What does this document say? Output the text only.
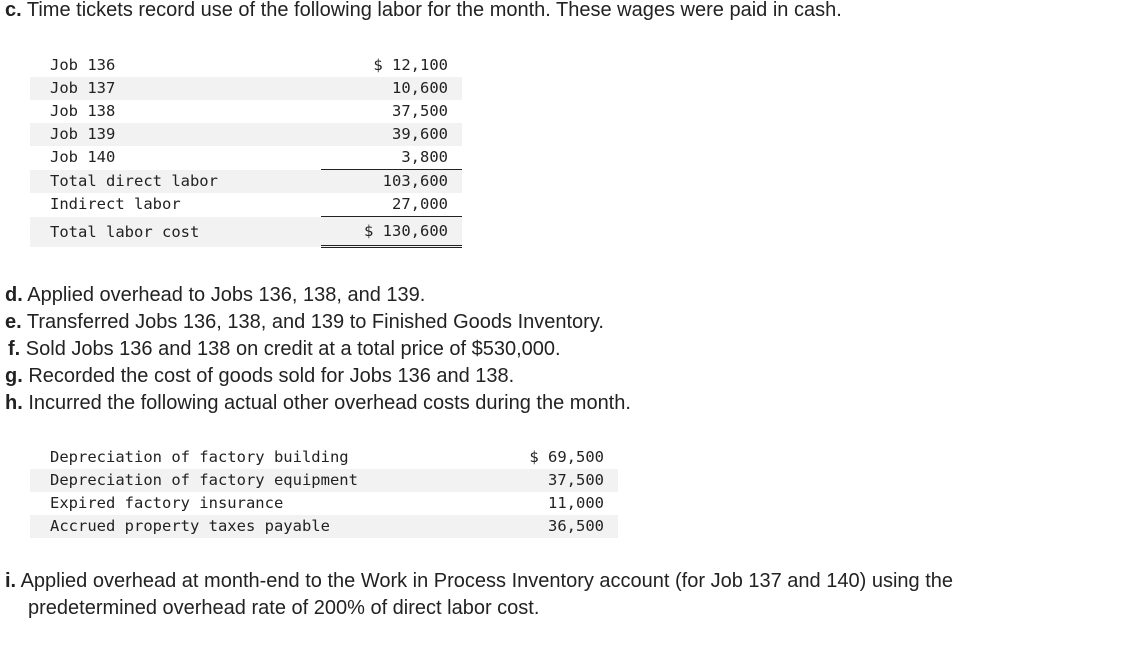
c. Time tickets record use of the following labor for the month. These wages were paid in cash.
Job 136	$ 12,100
Job 137	10,600
Job 138	37,500
Job 139	39,600
Job 140	3,800
Total direct labor	103,600
Indirect labor	27,000
Total labor cost	$ 130,600
d. Applied overhead to Jobs 136, 138, and 139.
e. Transferred Jobs 136, 138, and 139 to Finished Goods Inventory.
f. Sold Jobs 136 and 138 on credit at a total price of $530,000.
g. Recorded the cost of goods sold for Jobs 136 and 138.
h. Incurred the following actual other overhead costs during the month.
Depreciation of factory building	$ 69,500
Depreciation of factory equipment	37,500
Expired factory insurance	11,000
Accrued property taxes payable	36,500
i. Applied overhead at month-end to the Work in Process Inventory account (for Job 137 and 140) using the
predetermined overhead rate of 200% of direct labor cost.
